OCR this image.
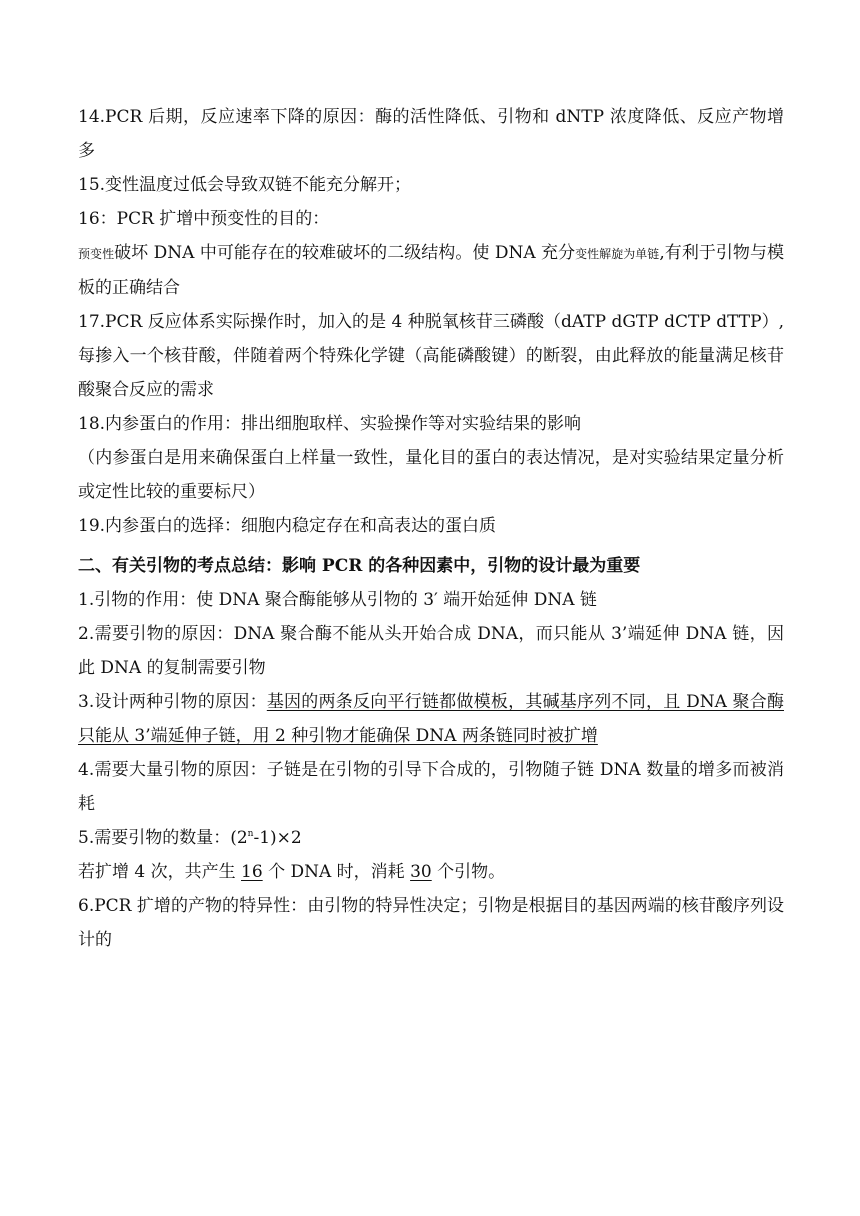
14.PCR 后期，反应速率下降的原因：酶的活性降低、引物和 dNTP 浓度降低、反应产物增多

15.变性温度过低会导致双链不能充分解开；

16：PCR 扩增中预变性的目的：

预变性破坏 DNA 中可能存在的较难破坏的二级结构。使 DNA 充分变性解旋为单链,有利于引物与模板的正确结合

17.PCR 反应体系实际操作时，加入的是 4 种脱氧核苷三磷酸（dATP dGTP dCTP dTTP）,每掺入一个核苷酸，伴随着两个特殊化学键（高能磷酸键）的断裂，由此释放的能量满足核苷酸聚合反应的需求

18.内参蛋白的作用：排出细胞取样、实验操作等对实验结果的影响

（内参蛋白是用来确保蛋白上样量一致性，量化目的蛋白的表达情况，是对实验结果定量分析或定性比较的重要标尺）

19.内参蛋白的选择：细胞内稳定存在和高表达的蛋白质

二、有关引物的考点总结：影响 PCR 的各种因素中，引物的设计最为重要

1.引物的作用：使 DNA 聚合酶能够从引物的 3′ 端开始延伸 DNA 链

2.需要引物的原因：DNA 聚合酶不能从头开始合成 DNA，而只能从 3’端延伸 DNA 链，因此 DNA 的复制需要引物

3.设计两种引物的原因：基因的两条反向平行链都做模板，其碱基序列不同，且 DNA 聚合酶只能从 3’端延伸子链，用 2 种引物才能确保 DNA 两条链同时被扩增

4.需要大量引物的原因：子链是在引物的引导下合成的，引物随子链 DNA 数量的增多而被消耗

5.需要引物的数量：$(2^n-1)\times 2$

若扩增 4 次，共产生 16 个 DNA 时，消耗 30 个引物。

6.PCR 扩增的产物的特异性：由引物的特异性决定；引物是根据目的基因两端的核苷酸序列设计的
